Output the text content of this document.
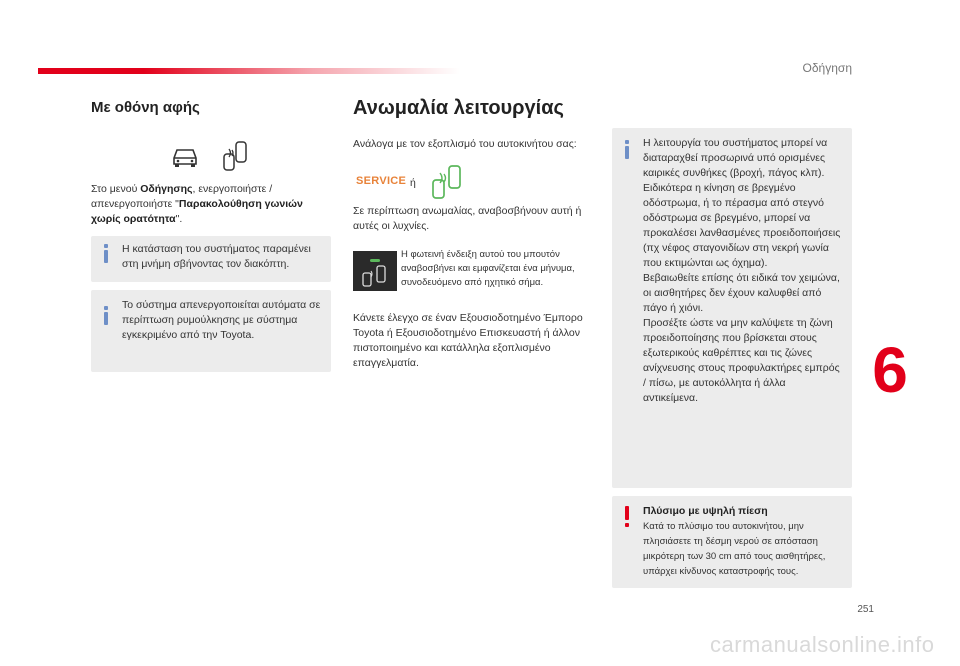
Οδήγηση
6
251
Με οθόνη αφής
Στο μενού Οδήγησης, ενεργοποιήστε / απενεργοποιήστε "Παρακολούθηση γωνιών χωρίς ορατότητα".
Η κατάσταση του συστήματος παραμένει στη μνήμη σβήνοντας τον διακόπτη.
Το σύστημα απενεργοποιείται αυτόματα σε περίπτωση ρυμούλκησης με σύστημα εγκεκριμένο από την Toyota.
Ανωμαλία λειτουργίας
Ανάλογα με τον εξοπλισμό του αυτοκινήτου σας:
SERVICE ή
Σε περίπτωση ανωμαλίας, αναβοσβήνουν αυτή ή αυτές οι λυχνίες.
Η φωτεινή ένδειξη αυτού του μπουτόν αναβοσβήνει και εμφανίζεται ένα μήνυμα, συνοδευόμενο από ηχητικό σήμα.
Κάνετε έλεγχο σε έναν Εξουσιοδοτημένο Έμπορο Toyota ή Εξουσιοδοτημένο Επισκευαστή ή άλλον πιστοποιημένο και κατάλληλα εξοπλισμένο επαγγελματία.
Η λειτουργία του συστήματος μπορεί να διαταραχθεί προσωρινά υπό ορισμένες καιρικές συνθήκες (βροχή, πάγος κλπ).
Ειδικότερα η κίνηση σε βρεγμένο οδόστρωμα, ή το πέρασμα από στεγνό οδόστρωμα σε βρεγμένο, μπορεί να προκαλέσει λανθασμένες προειδοποιήσεις (πχ νέφος σταγονιδίων στη νεκρή γωνία που εκτιμώνται ως όχημα).
Βεβαιωθείτε επίσης ότι ειδικά τον χειμώνα, οι αισθητήρες δεν έχουν καλυφθεί από πάγο ή χιόνι.
Προσέξτε ώστε να μην καλύψετε τη ζώνη προειδοποίησης που βρίσκεται στους εξωτερικούς καθρέπτες και τις ζώνες ανίχνευσης στους προφυλακτήρες εμπρός / πίσω, με αυτοκόλλητα ή άλλα αντικείμενα.
Πλύσιμο με υψηλή πίεση
Κατά το πλύσιμο του αυτοκινήτου, μην πλησιάσετε τη δέσμη νερού σε απόσταση μικρότερη των 30 cm από τους αισθητήρες, υπάρχει κίνδυνος καταστροφής τους.
carmanualsonline.info
